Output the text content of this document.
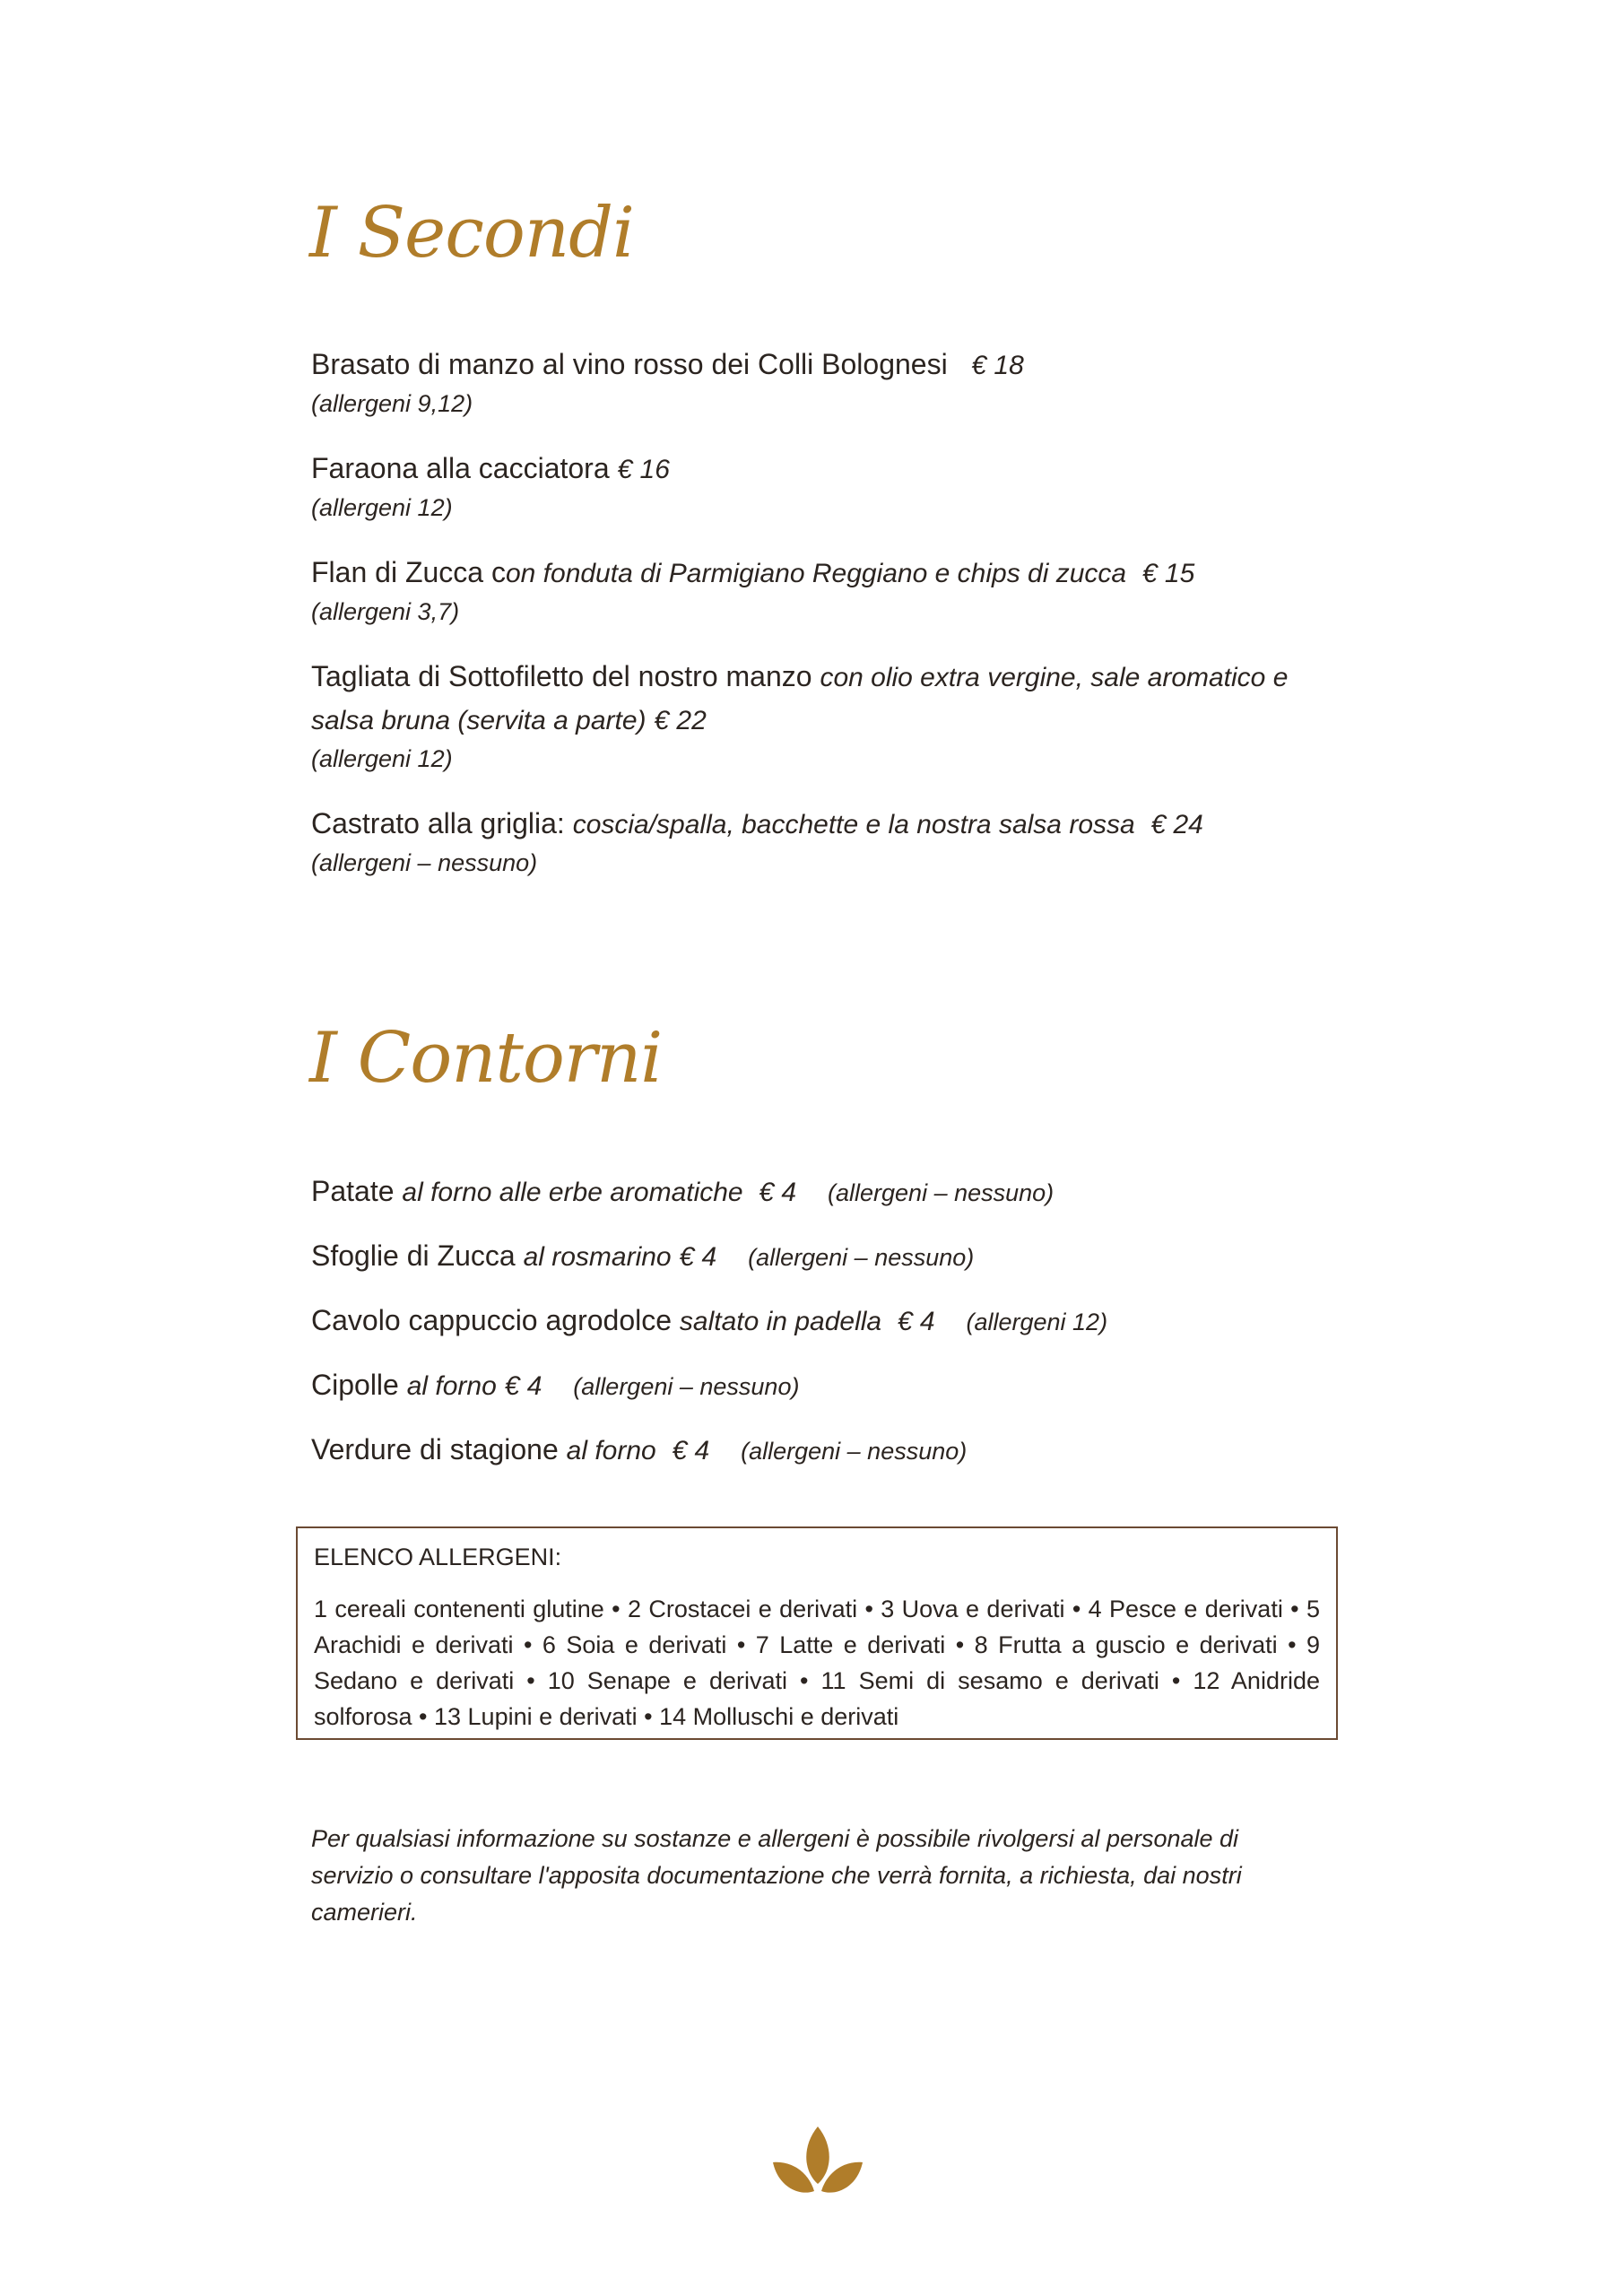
I Secondi
Brasato di manzo al vino rosso dei Colli Bolognesi € 18
(allergeni 9,12)
Faraona alla cacciatora € 16
(allergeni 12)
Flan di Zucca con fonduta di Parmigiano Reggiano e chips di zucca € 15
(allergeni 3,7)
Tagliata di Sottofiletto del nostro manzo con olio extra vergine, sale aromatico e salsa bruna (servita a parte) € 22
(allergeni 12)
Castrato alla griglia: coscia/spalla, bacchette e la nostra salsa rossa € 24
(allergeni – nessuno)
I Contorni
Patate al forno alle erbe aromatiche € 4 (allergeni – nessuno)
Sfoglie di Zucca al rosmarino € 4 (allergeni – nessuno)
Cavolo cappuccio agrodolce saltato in padella € 4 (allergeni 12)
Cipolle al forno € 4 (allergeni – nessuno)
Verdure di stagione al forno € 4 (allergeni – nessuno)
ELENCO ALLERGENI:
1 cereali contenenti glutine • 2 Crostacei e derivati • 3 Uova e derivati • 4 Pesce e derivati • 5 Arachidi e derivati • 6 Soia e derivati • 7 Latte e derivati • 8 Frutta a guscio e derivati • 9 Sedano e derivati • 10 Senape e derivati • 11 Semi di sesamo e derivati • 12 Anidride solforosa • 13 Lupini e derivati • 14 Molluschi e derivati
Per qualsiasi informazione su sostanze e allergeni è possibile rivolgersi al personale di servizio o consultare l'apposita documentazione che verrà fornita, a richiesta, dai nostri camerieri.
